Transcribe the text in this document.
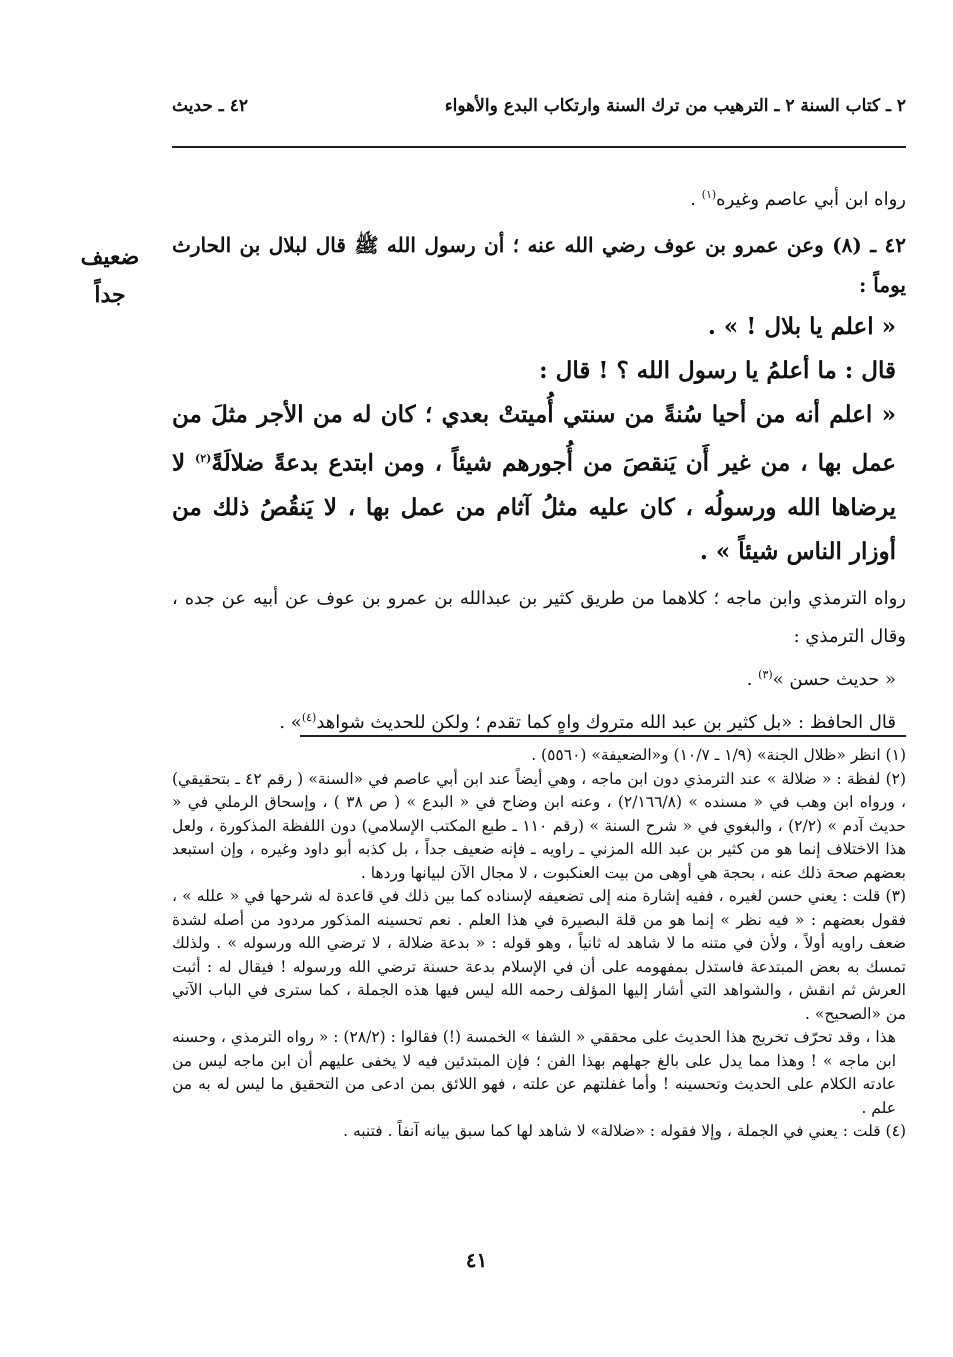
٢ ـ كتاب السنة ٢ ـ الترهيب من ترك السنة وارتكاب البدع والأهواء
٤٢ ـ حديث
ضعيف
جداً

رواه ابن أبي عاصم وغيره$^{(١)}$ .

٤٢ ـ (٨) وعن عمرو بن عوف رضي الله عنه ؛ أن رسول الله ﷺ قال لبلال بن الحارث يوماً :

« اعلم يا بلال ! » .

قال : ما أعلمُ يا رسول الله ؟ ! قال :

« اعلم أنه من أحيا سُنةً من سنتي أُميتتْ بعدي ؛ كان له من الأجر مثلَ من عمل بها ، من غير أَن يَنقصَ من أُجورهم شيئاً ، ومن ابتدع بدعةً ضلالَةً$^{(٢)}$ لا يرضاها الله ورسولُه ، كان عليه مثلُ آثام من عمل بها ، لا يَنقُصُ ذلك من أوزار الناس شيئاً » .

رواه الترمذي وابن ماجه ؛ كلاهما من طريق كثير بن عبدالله بن عمرو بن عوف عن أبيه عن جده ، وقال الترمذي :

« حديث حسن »$^{(٣)}$ .

قال الحافظ : «بل كثير بن عبد الله متروك واهٍ كما تقدم ؛ ولكن للحديث شواهد$^{(٤)}$» .

(١) انظر «ظلال الجنة» (١/٩ ـ ١٠/٧) و«الضعيفة» (٥٥٦٠) .

(٢) لفظة : « ضلالة » عند الترمذي دون ابن ماجه ، وهي أيضاً عند ابن أبي عاصم في «السنة» ( رقم ٤٢ ـ بتحقيقي) ، ورواه ابن وهب في « مسنده » (٢/١٦٦/٨) ، وعنه ابن وضاح في « البدع » ( ص ٣٨ ) ، وإسحاق الرملي في « حديث آدم » (٢/٢) ، والبغوي في « شرح السنة » (رقم ١١٠ ـ طبع المكتب الإسلامي) دون اللفظة المذكورة ، ولعل هذا الاختلاف إنما هو من كثير بن عبد الله المزني ـ راويه ـ فإنه ضعيف جداً ، بل كذبه أبو داود وغيره ، وإن استبعد بعضهم صحة ذلك عنه ، بحجة هي أوهى من بيت العنكبوت ، لا مجال الآن لبيانها وردها .

(٣) قلت : يعني حسن لغيره ، ففيه إشارة منه إلى تضعيفه لإسناده كما بين ذلك في قاعدة له شرحها في « علله » ، فقول بعضهم : « فيه نظر » إنما هو من قلة البصيرة في هذا العلم . نعم تحسينه المذكور مردود من أصله لشدة ضعف راويه أولاً ، ولأن في متنه ما لا شاهد له ثانياً ، وهو قوله : « بدعة ضلالة ، لا ترضي الله ورسوله » . ولذلك تمسك به بعض المبتدعة فاستدل بمفهومه على أن في الإسلام بدعة حسنة ترضي الله ورسوله ! فيقال له : أثبت العرش ثم انقش ، والشواهد التي أشار إليها المؤلف رحمه الله ليس فيها هذه الجملة ، كما سترى في الباب الآتي من «الصحيح» .

هذا ، وقد تحرّف تخريج هذا الحديث على محققي « الشفا » الخمسة (!) فقالوا : (٢٨/٢) : « رواه الترمذي ، وحسنه ابن ماجه » ! وهذا مما يدل على بالغ جهلهم بهذا الفن ؛ فإن المبتدئين فيه لا يخفى عليهم أن ابن ماجه ليس من عادته الكلام على الحديث وتحسينه ! وأما غفلتهم عن علته ، فهو اللائق بمن ادعى من التحقيق ما ليس له به من علم .

(٤) قلت : يعني في الجملة ، وإلا فقوله : «ضلالة» لا شاهد لها كما سبق بيانه آنفاً . فتنبه .

٤١
